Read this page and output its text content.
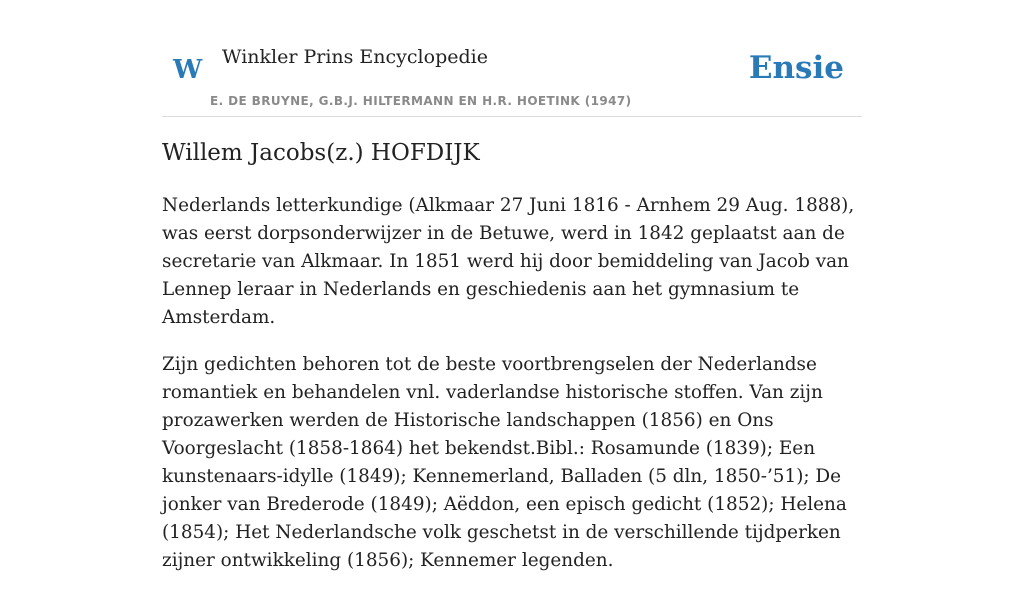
W Winkler Prins Encyclopedie
E. DE BRUYNE, G.B.J. HILTERMANN EN H.R. HOETINK (1947)
Ensie
Willem Jacobs(z.) HOFDIJK

Nederlands letterkundige (Alkmaar 27 Juni 1816 - Arnhem 29 Aug. 1888), was eerst dorpsonderwijzer in de Betuwe, werd in 1842 geplaatst aan de secretarie van Alkmaar. In 1851 werd hij door bemiddeling van Jacob van Lennep leraar in Nederlands en geschiedenis aan het gymnasium te Amsterdam.

Zijn gedichten behoren tot de beste voortbrengselen der Nederlandse romantiek en behandelen vnl. vaderlandse historische stoffen. Van zijn prozawerken werden de Historische landschappen (1856) en Ons Voorgeslacht (1858-1864) het bekendst.Bibl.: Rosamunde (1839); Een kunstenaars-idylle (1849); Kennemerland, Balladen (5 dln, 1850-’51); De jonker van Brederode (1849); Aëddon, een episch gedicht (1852); Helena (1854); Het Nederlandsche volk geschetst in de verschillende tijdperken zijner ontwikkeling (1856); Kennemer legenden.
